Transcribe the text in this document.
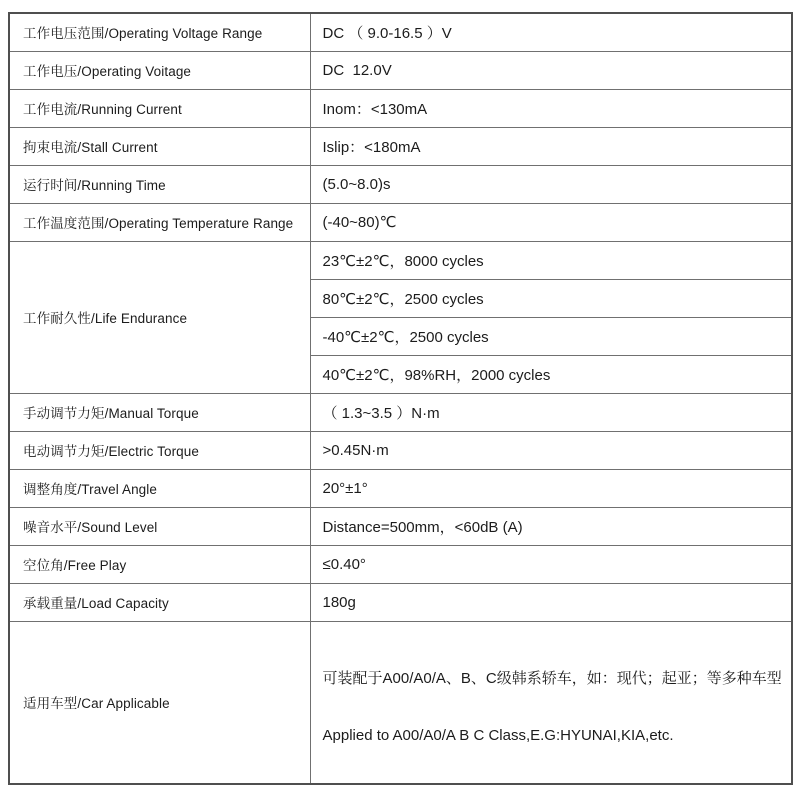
工作电压范围/Operating Voltage Range	DC （ 9.0-16.5 ）V
工作电压/Operating Voitage	DC  12.0V
工作电流/Running Current	Inom：<130mA
拘束电流/Stall Current	Islip：<180mA
运行时间/Running Time	(5.0~8.0)s
工作温度范围/Operating Temperature Range	(-40~80)℃
工作耐久性/Life Endurance	23℃±2℃，8000 cycles
	80℃±2℃，2500 cycles
	-40℃±2℃，2500 cycles
	40℃±2℃，98%RH，2000 cycles
手动调节力矩/Manual Torque	（ 1.3~3.5 ）N·m
电动调节力矩/Electric Torque	>0.45N·m
调整角度/Travel Angle	20°±1°
噪音水平/Sound Level	Distance=500mm，<60dB (A)
空位角/Free Play	≤0.40°
承载重量/Load Capacity	180g
适用车型/Car Applicable	可装配于A00/A0/A、B、C级韩系轿车，如：现代；起亚；等多种车型

Applied to A00/A0/A B C Class,E.G:HYUNAI,KIA,etc.
